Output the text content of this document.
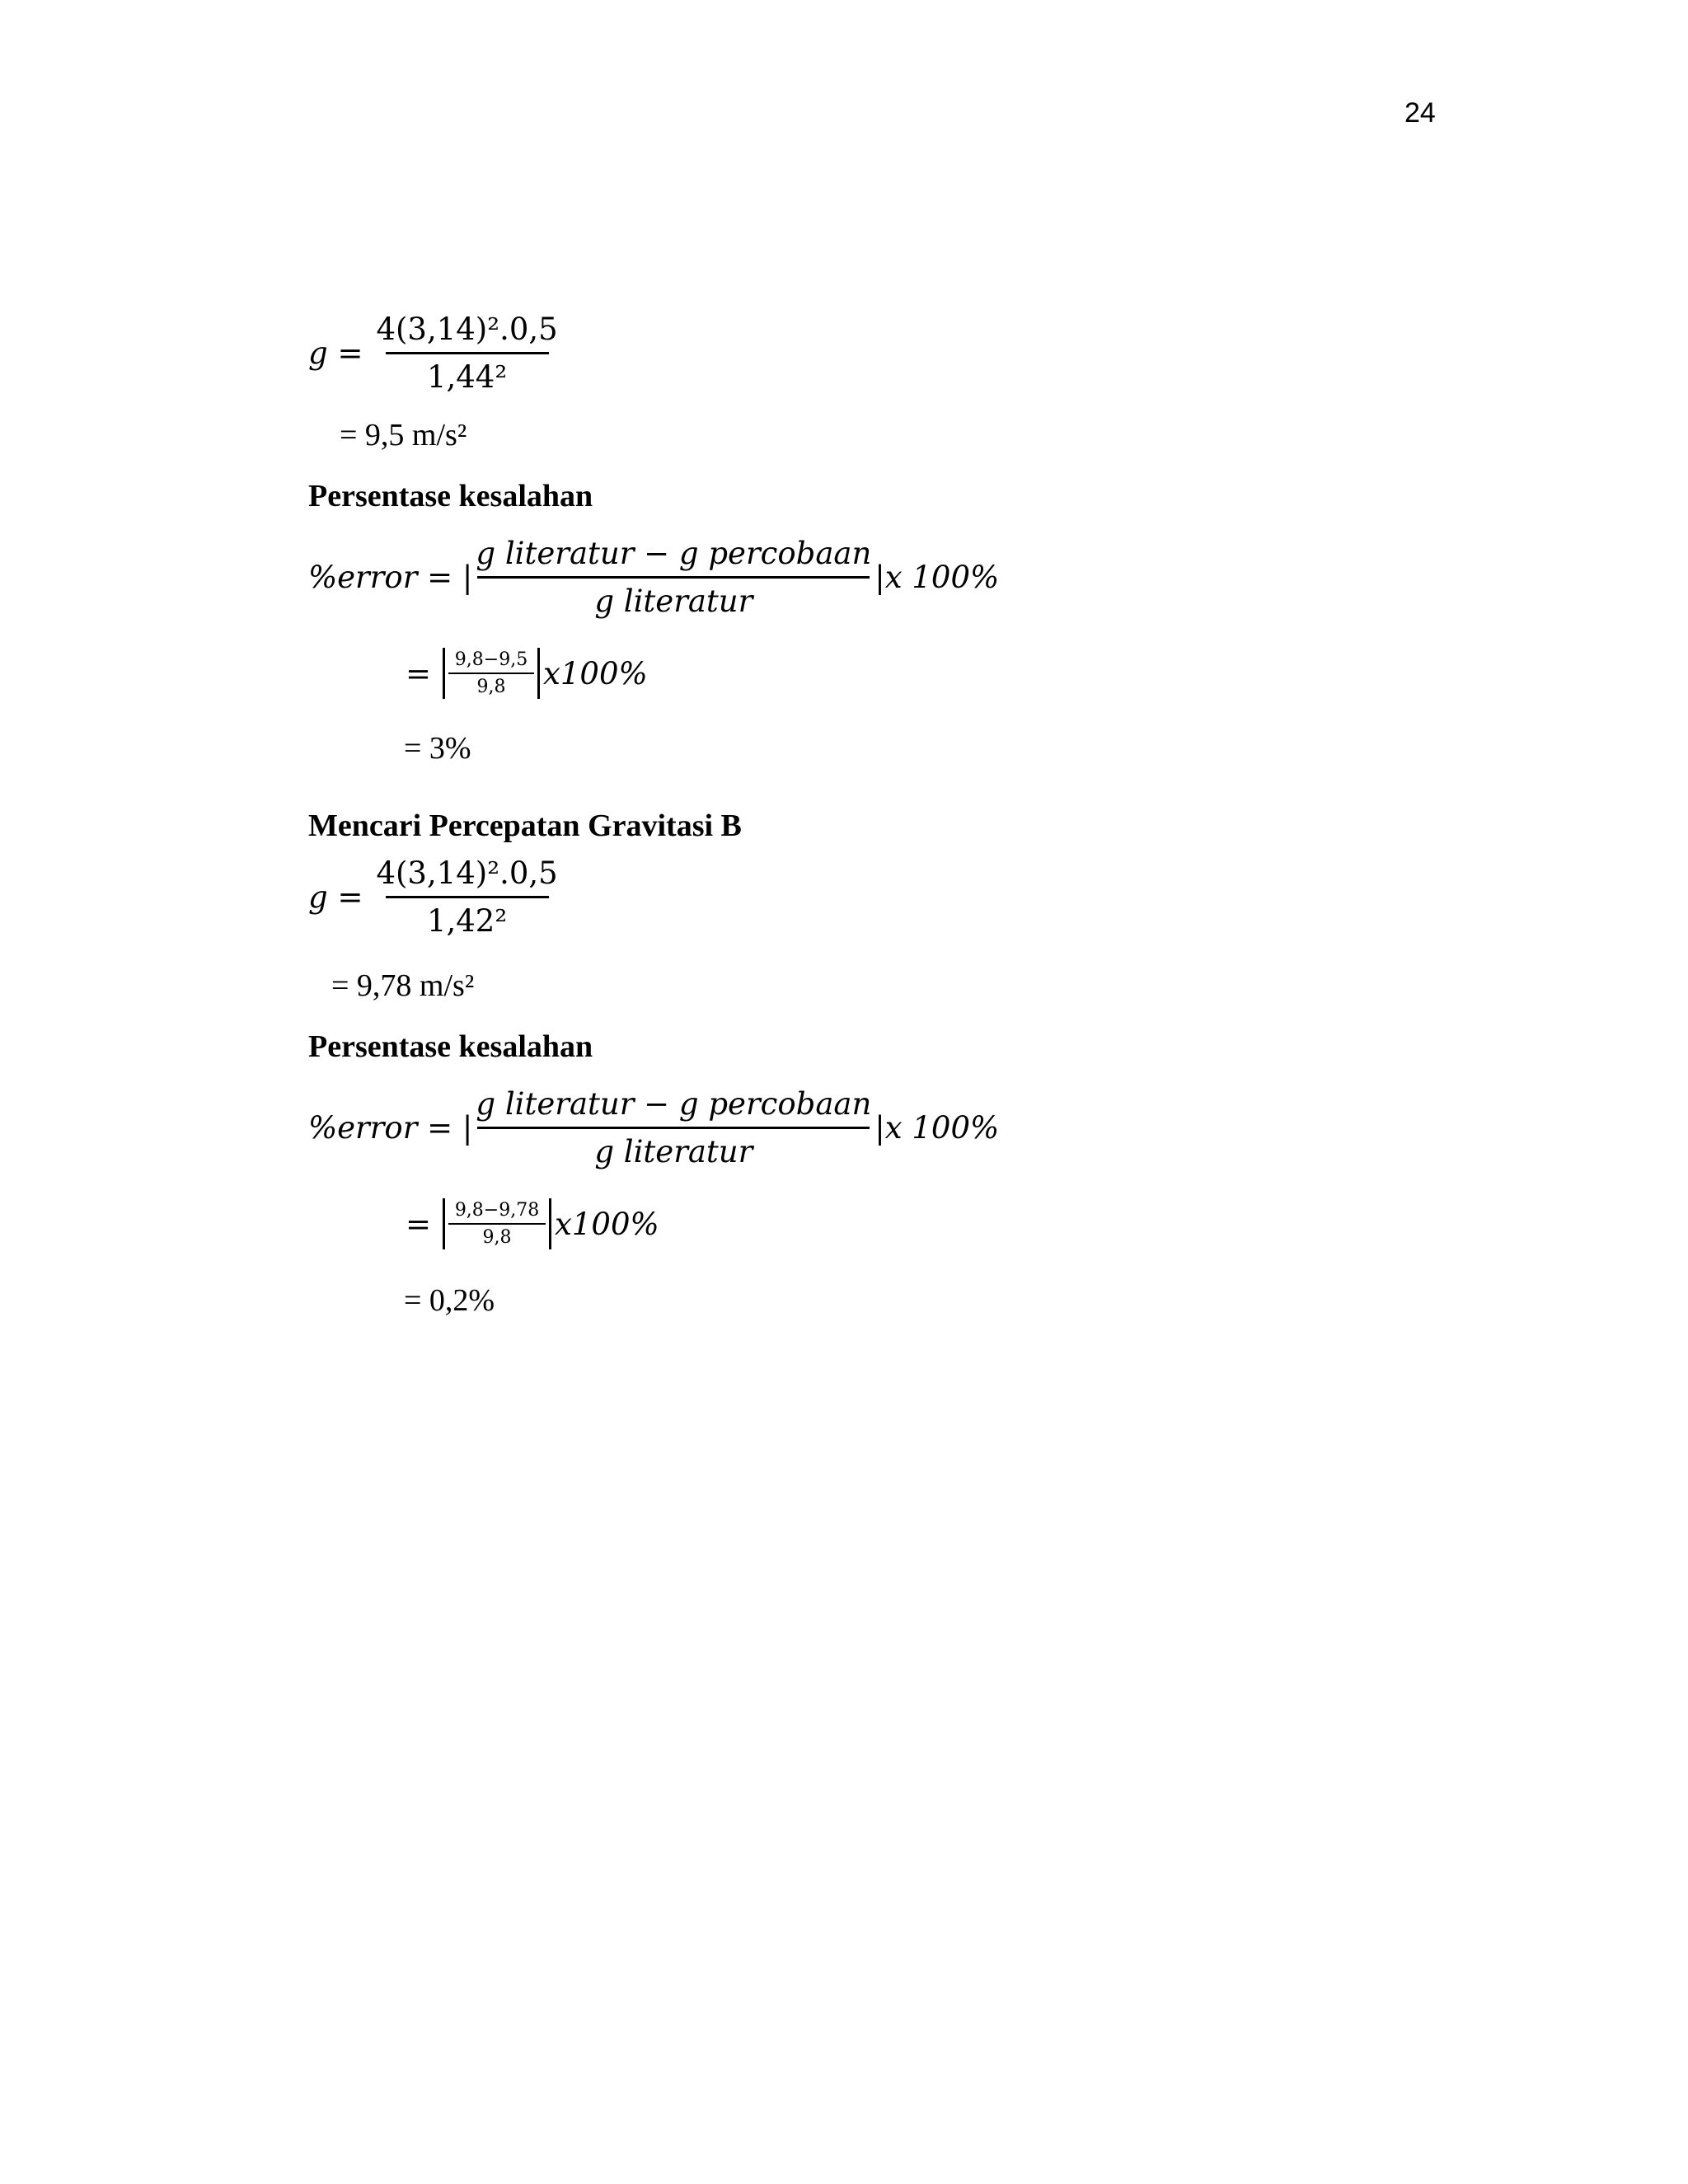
24
$g = \frac{\text{4(3,14)².0,5}}{\text{1,44²}}$
= 9,5 m/s²
Persentase kesalahan
%error = | $\frac{\text{g literatur − g percobaan}}{\text{g literatur}} |x$ 100%
= $\frac{9,8-9,5}{9,8} x100\%$
= 3%
Mencari Percepatan Gravitasi B
$g = \frac{\text{4(3,14)².0,5}}{\text{1,42²}}$
= 9,78 m/s²
Persentase kesalahan
%error = | $\frac{\text{g literatur − g percobaan}}{\text{g literatur}} |x$ 100%
= $\frac{9,8-9,78}{9,8} x100\%$
= 0,2%
